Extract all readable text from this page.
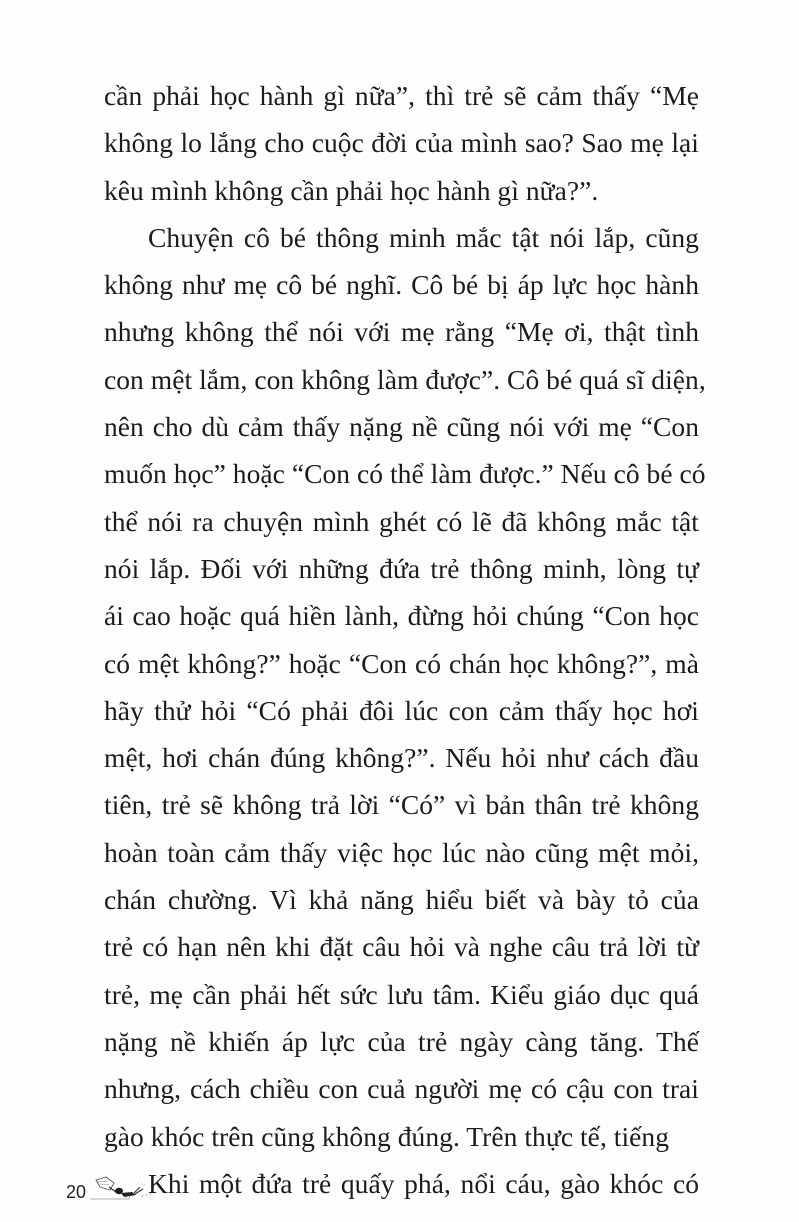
cần phải học hành gì nữa”, thì trẻ sẽ cảm thấy “Mẹ
không lo lắng cho cuộc đời của mình sao? Sao mẹ lại
kêu mình không cần phải học hành gì nữa?”.
Chuyện cô bé thông minh mắc tật nói lắp, cũng
không như mẹ cô bé nghĩ. Cô bé bị áp lực học hành
nhưng không thể nói với mẹ rằng “Mẹ ơi, thật tình
con mệt lắm, con không làm được”. Cô bé quá sĩ diện,
nên cho dù cảm thấy nặng nề cũng nói với mẹ “Con
muốn học” hoặc “Con có thể làm được.” Nếu cô bé có
thể nói ra chuyện mình ghét có lẽ đã không mắc tật
nói lắp. Đối với những đứa trẻ thông minh, lòng tự
ái cao hoặc quá hiền lành, đừng hỏi chúng “Con học
có mệt không?” hoặc “Con có chán học không?”, mà
hãy thử hỏi “Có phải đôi lúc con cảm thấy học hơi
mệt, hơi chán đúng không?”. Nếu hỏi như cách đầu
tiên, trẻ sẽ không trả lời “Có” vì bản thân trẻ không
hoàn toàn cảm thấy việc học lúc nào cũng mệt mỏi,
chán chường. Vì khả năng hiểu biết và bày tỏ của
trẻ có hạn nên khi đặt câu hỏi và nghe câu trả lời từ
trẻ, mẹ cần phải hết sức lưu tâm. Kiểu giáo dục quá
nặng nề khiến áp lực của trẻ ngày càng tăng. Thế
nhưng, cách chiều con cuả người mẹ có cậu con trai
gào khóc trên cũng không đúng. Trên thực tế, tiếng
Khi một đứa trẻ quấy phá, nổi cáu, gào khóc có
20
